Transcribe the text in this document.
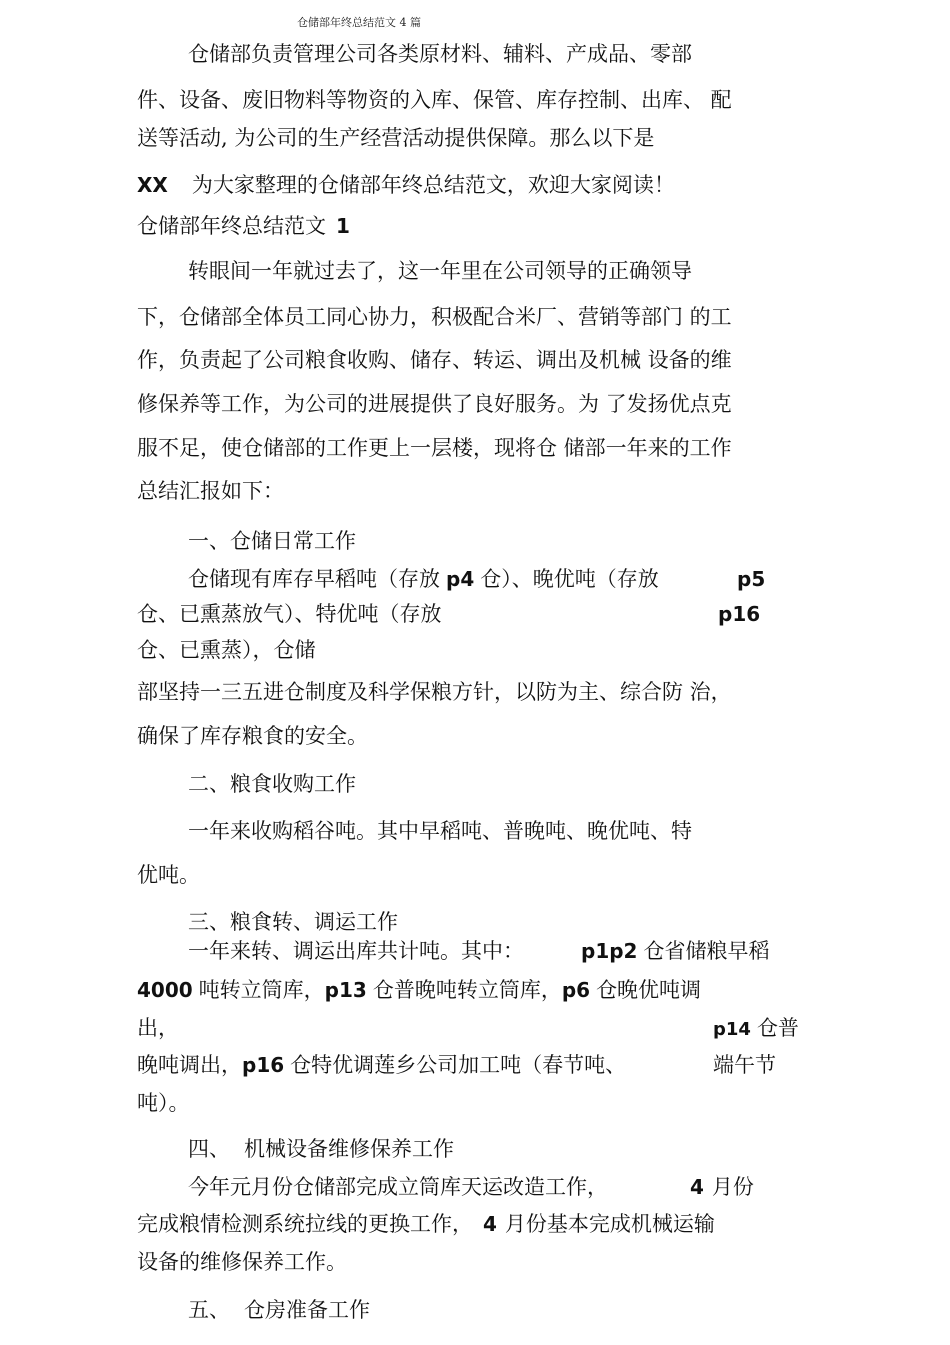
仓储部年终总结范文 4 篇
仓储部负责管理公司各类原材料、辅料、产成品、零部
件、设备、废旧物料等物资的入库、保管、库存控制、出库、 配
送等活动, 为公司的生产经营活动提供保障。那么以下是
XX 为大家整理的仓储部年终总结范文，欢迎大家阅读！
仓储部年终总结范文 1
转眼间一年就过去了，这一年里在公司领导的正确领导
下，仓储部全体员工同心协力，积极配合米厂、营销等部门 的工
作，负责起了公司粮食收购、储存、转运、调出及机械 设备的维
修保养等工作，为公司的进展提供了良好服务。为 了发扬优点克
服不足，使仓储部的工作更上一层楼，现将仓 储部一年来的工作
总结汇报如下：
一、仓储日常工作
仓储现有库存早稻吨（存放 p4 仓）、晚优吨（存放	p5
仓、已熏蒸放气）、特优吨（存放	p16
仓、已熏蒸），仓储
部坚持一三五进仓制度及科学保粮方针，以防为主、综合防 治，
确保了库存粮食的安全。
二、粮食收购工作
一年来收购稻谷吨。其中早稻吨、普晚吨、晚优吨、特
优吨。
三、粮食转、调运工作
一年来转、调运出库共计吨。其中：	p1p2 仓省储粮早稻
4000 吨转立筒库，p13 仓普晚吨转立筒库，p6 仓晚优吨调
出，	p14 仓普
晚吨调出，p16 仓特优调莲乡公司加工吨（春节吨、	端午节
吨）。
四、 机械设备维修保养工作
今年元月份仓储部完成立筒库天运改造工作，	4 月份
完成粮情检测系统拉线的更换工作， 4 月份基本完成机械运输
设备的维修保养工作。
五、 仓房准备工作
